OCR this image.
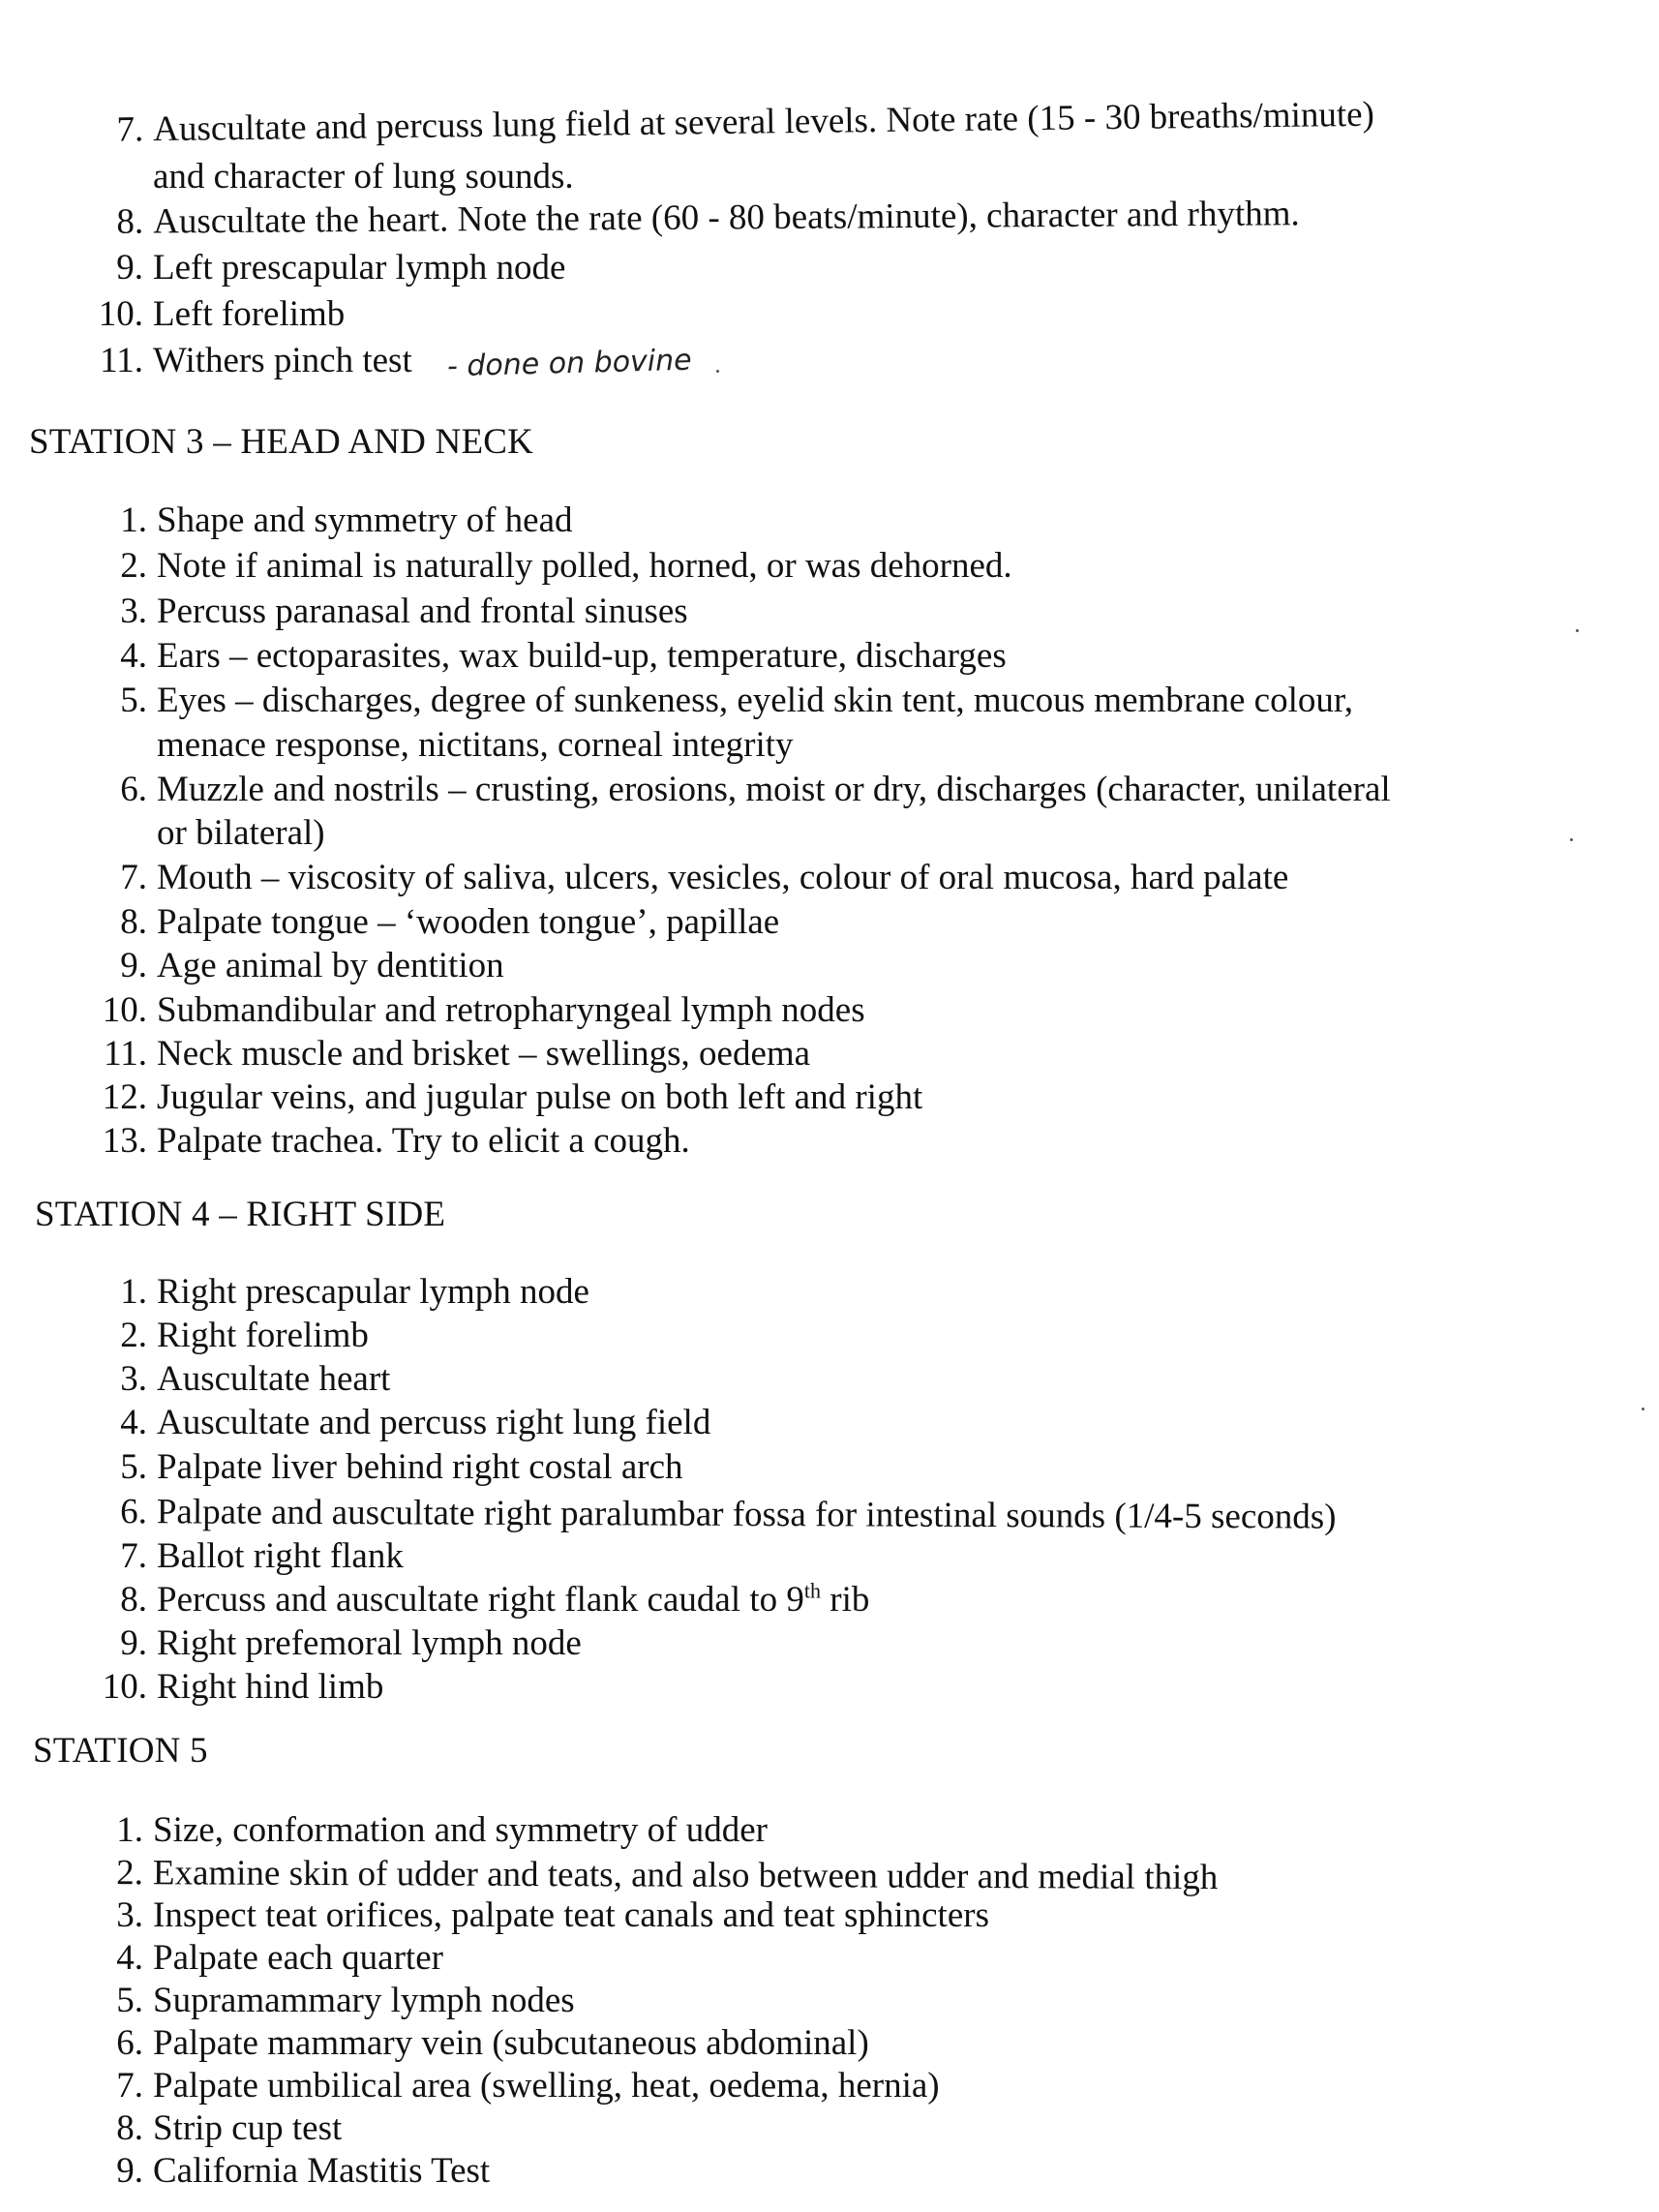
7. Auscultate and percuss lung field at several levels. Note rate (15 - 30 breaths/minute)
and character of lung sounds.
8. Auscultate the heart. Note the rate (60 - 80 beats/minute), character and rhythm.
9. Left prescapular lymph node
10. Left forelimb
11. Withers pinch test - done on bovine
STATION 3 – HEAD AND NECK
1. Shape and symmetry of head
2. Note if animal is naturally polled, horned, or was dehorned.
3. Percuss paranasal and frontal sinuses
4. Ears – ectoparasites, wax build-up, temperature, discharges
5. Eyes – discharges, degree of sunkeness, eyelid skin tent, mucous membrane colour,
menace response, nictitans, corneal integrity
6. Muzzle and nostrils – crusting, erosions, moist or dry, discharges (character, unilateral
or bilateral)
7. Mouth – viscosity of saliva, ulcers, vesicles, colour of oral mucosa, hard palate
8. Palpate tongue – ‘wooden tongue’, papillae
9. Age animal by dentition
10. Submandibular and retropharyngeal lymph nodes
11. Neck muscle and brisket – swellings, oedema
12. Jugular veins, and jugular pulse on both left and right
13. Palpate trachea. Try to elicit a cough.
STATION 4 – RIGHT SIDE
1. Right prescapular lymph node
2. Right forelimb
3. Auscultate heart
4. Auscultate and percuss right lung field
5. Palpate liver behind right costal arch
6. Palpate and auscultate right paralumbar fossa for intestinal sounds (1/4-5 seconds)
7. Ballot right flank
8. Percuss and auscultate right flank caudal to 9th rib
9. Right prefemoral lymph node
10. Right hind limb
STATION 5
1. Size, conformation and symmetry of udder
2. Examine skin of udder and teats, and also between udder and medial thigh
3. Inspect teat orifices, palpate teat canals and teat sphincters
4. Palpate each quarter
5. Supramammary lymph nodes
6. Palpate mammary vein (subcutaneous abdominal)
7. Palpate umbilical area (swelling, heat, oedema, hernia)
8. Strip cup test
9. California Mastitis Test
